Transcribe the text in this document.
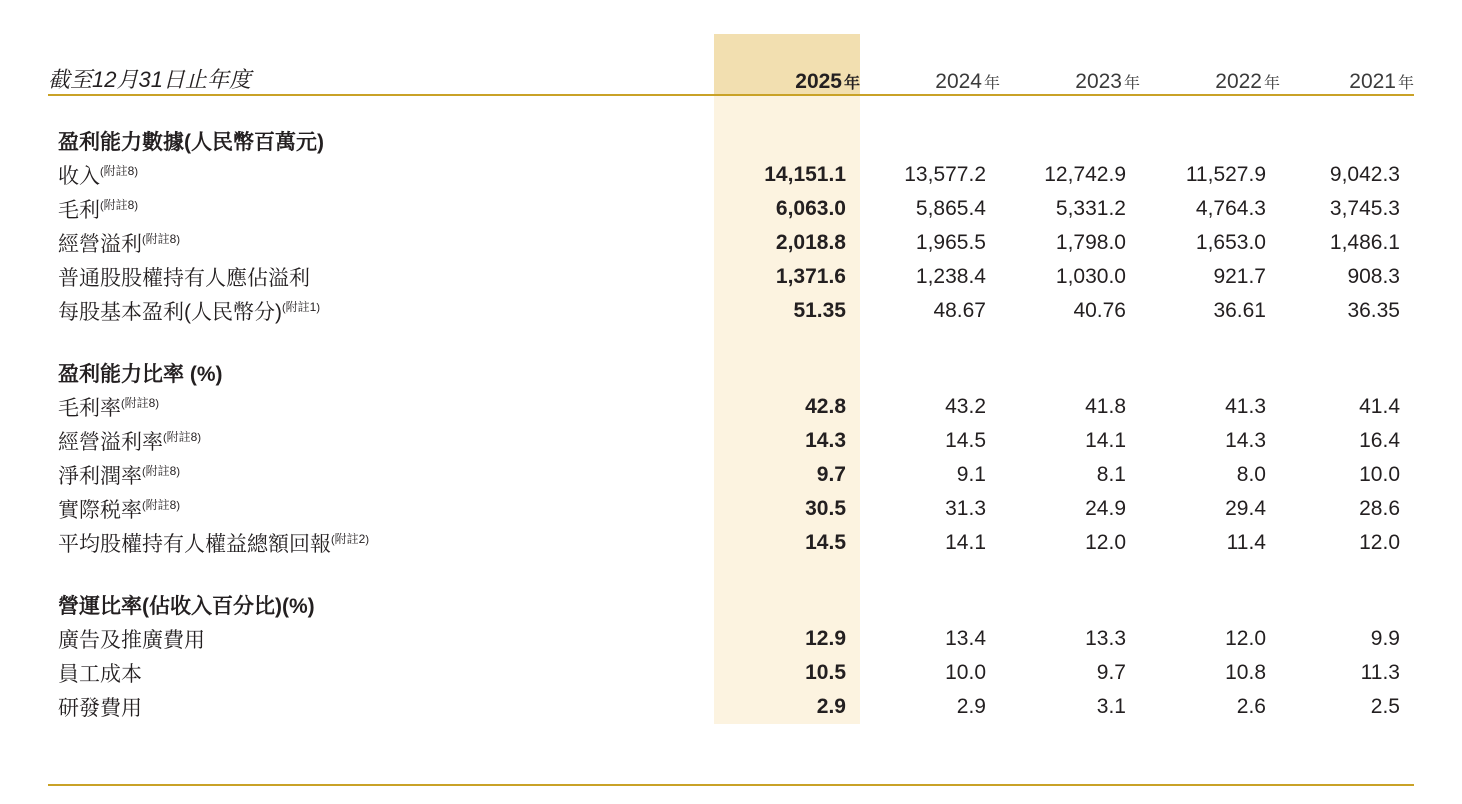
截至12月31日止年度	2025 年	2024 年	2023 年	2022 年	2021 年

盈利能力數據(人民幣百萬元)					
收入$^{(附註8)}$	14,151.1	13,577.2	12,742.9	11,527.9	9,042.3
毛利$^{(附註8)}$	6,063.0	5,865.4	5,331.2	4,764.3	3,745.3
經營溢利$^{(附註8)}$	2,018.8	1,965.5	1,798.0	1,653.0	1,486.1
普通股股權持有人應佔溢利	1,371.6	1,238.4	1,030.0	921.7	908.3
每股基本盈利(人民幣分)$^{(附註1)}$	51.35	48.67	40.76	36.61	36.35

盈利能力比率 (%)					
毛利率$^{(附註8)}$	42.8	43.2	41.8	41.3	41.4
經營溢利率$^{(附註8)}$	14.3	14.5	14.1	14.3	16.4
淨利潤率$^{(附註8)}$	9.7	9.1	8.1	8.0	10.0
實際税率$^{(附註8)}$	30.5	31.3	24.9	29.4	28.6
平均股權持有人權益總額回報$^{(附註2)}$	14.5	14.1	12.0	11.4	12.0

營運比率(佔收入百分比)(%)					
廣告及推廣費用	12.9	13.4	13.3	12.0	9.9
員工成本	10.5	10.0	9.7	10.8	11.3
研發費用	2.9	2.9	3.1	2.6	2.5
